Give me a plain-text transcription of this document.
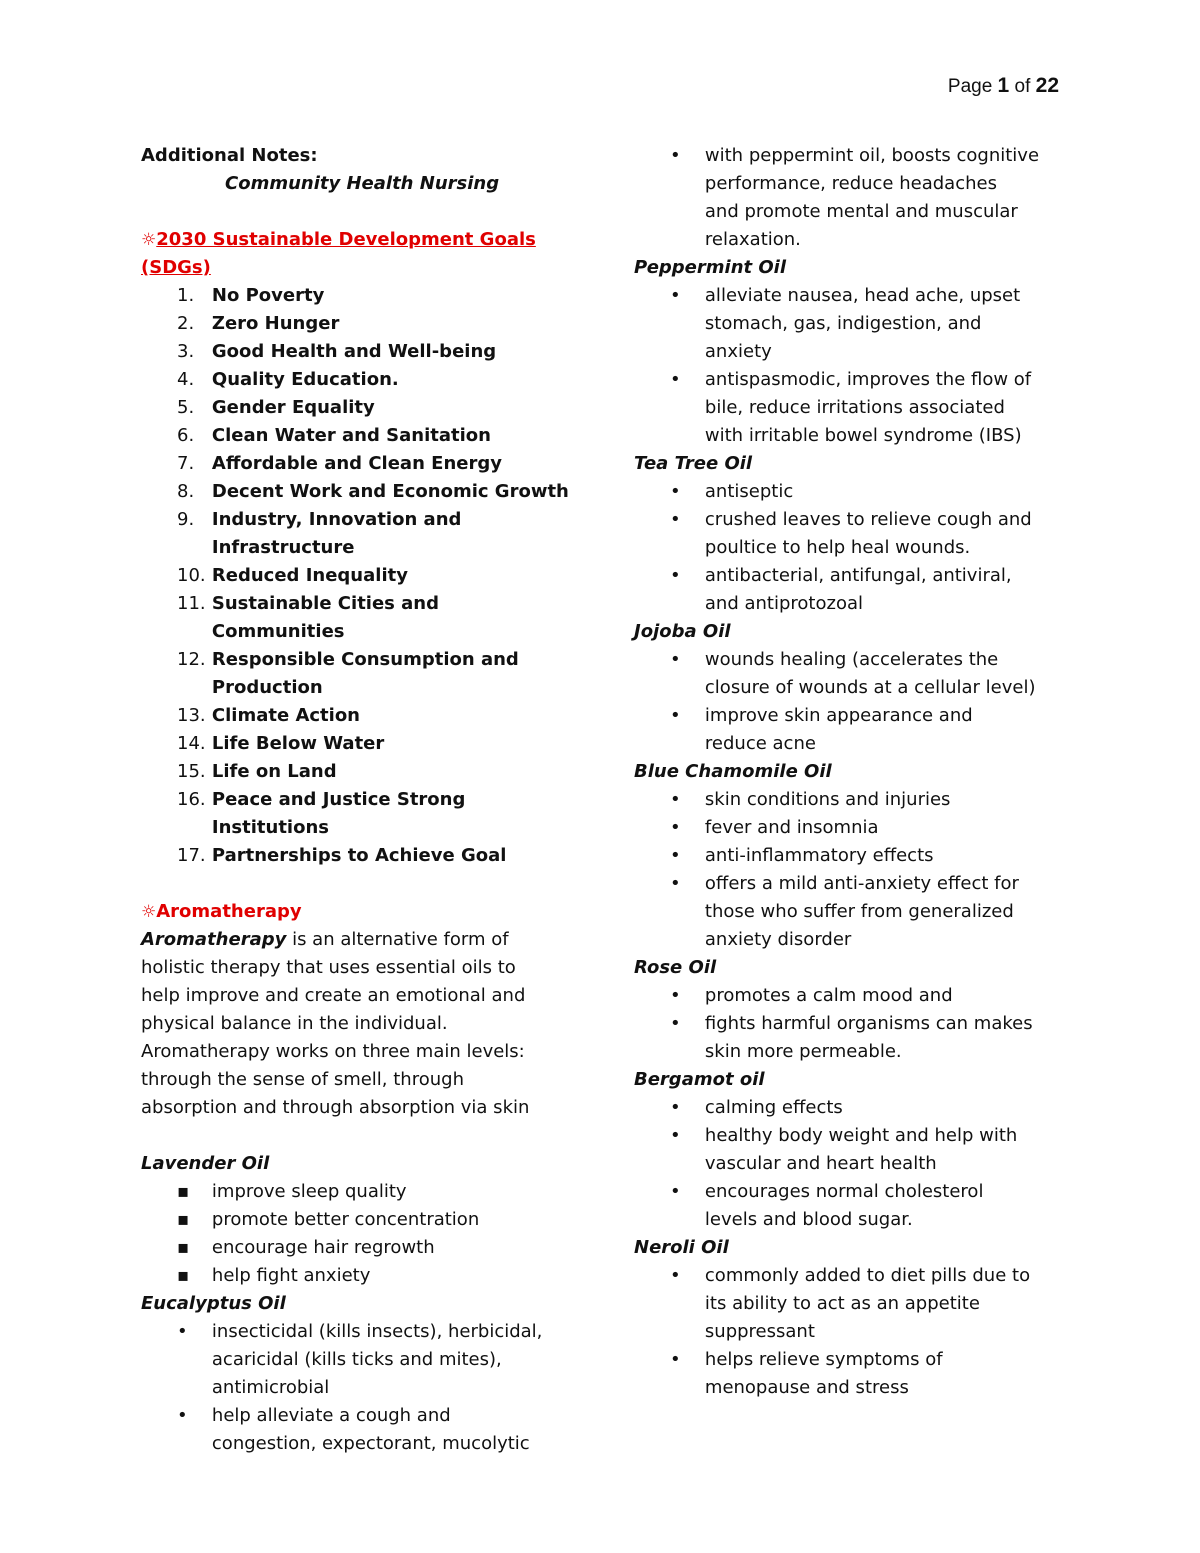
Page 1 of 22
Additional Notes:
Community Health Nursing
☼2030 Sustainable Development Goals
(SDGs)
1. No Poverty
2. Zero Hunger
3. Good Health and Well-being
4. Quality Education.
5. Gender Equality
6. Clean Water and Sanitation
7. Affordable and Clean Energy
8. Decent Work and Economic Growth
9. Industry, Innovation and
Infrastructure
10. Reduced Inequality
11. Sustainable Cities and Communities
12. Responsible Consumption and
Production
13. Climate Action
14. Life Below Water
15. Life on Land
16. Peace and Justice Strong Institutions
17. Partnerships to Achieve Goal
☼Aromatherapy
Aromatherapy is an alternative form of
holistic therapy that uses essential oils to
help improve and create an emotional and
physical balance in the individual.
Aromatherapy works on three main levels:
through the sense of smell, through
absorption and through absorption via skin
Lavender Oil
▪	improve sleep quality
▪	promote better concentration
▪	encourage hair regrowth
▪	help fight anxiety
Eucalyptus Oil
•	insecticidal (kills insects), herbicidal,
acaricidal (kills ticks and mites),
antimicrobial
•	help alleviate a cough and
congestion, expectorant, mucolytic
•	with peppermint oil, boosts cognitive
performance, reduce headaches
and promote mental and muscular
relaxation.
Peppermint Oil
•	alleviate nausea, head ache, upset
stomach, gas, indigestion, and
anxiety
•	antispasmodic, improves the flow of
bile, reduce irritations associated
with irritable bowel syndrome (IBS)
Tea Tree Oil
•	antiseptic
•	crushed leaves to relieve cough and
poultice to help heal wounds.
•	antibacterial, antifungal, antiviral,
and antiprotozoal
Jojoba Oil
•	wounds healing (accelerates the
closure of wounds at a cellular level)
•	improve skin appearance and
reduce acne
Blue Chamomile Oil
•	skin conditions and injuries
•	fever and insomnia
•	anti-inflammatory effects
•	offers a mild anti-anxiety effect for
those who suffer from generalized
anxiety disorder
Rose Oil
•	promotes a calm mood and
•	fights harmful organisms can makes
skin more permeable.
Bergamot oil
•	calming effects
•	healthy body weight and help with
vascular and heart health
•	encourages normal cholesterol
levels and blood sugar.
Neroli Oil
•	commonly added to diet pills due to
its ability to act as an appetite
suppressant
•	helps relieve symptoms of
menopause and stress
